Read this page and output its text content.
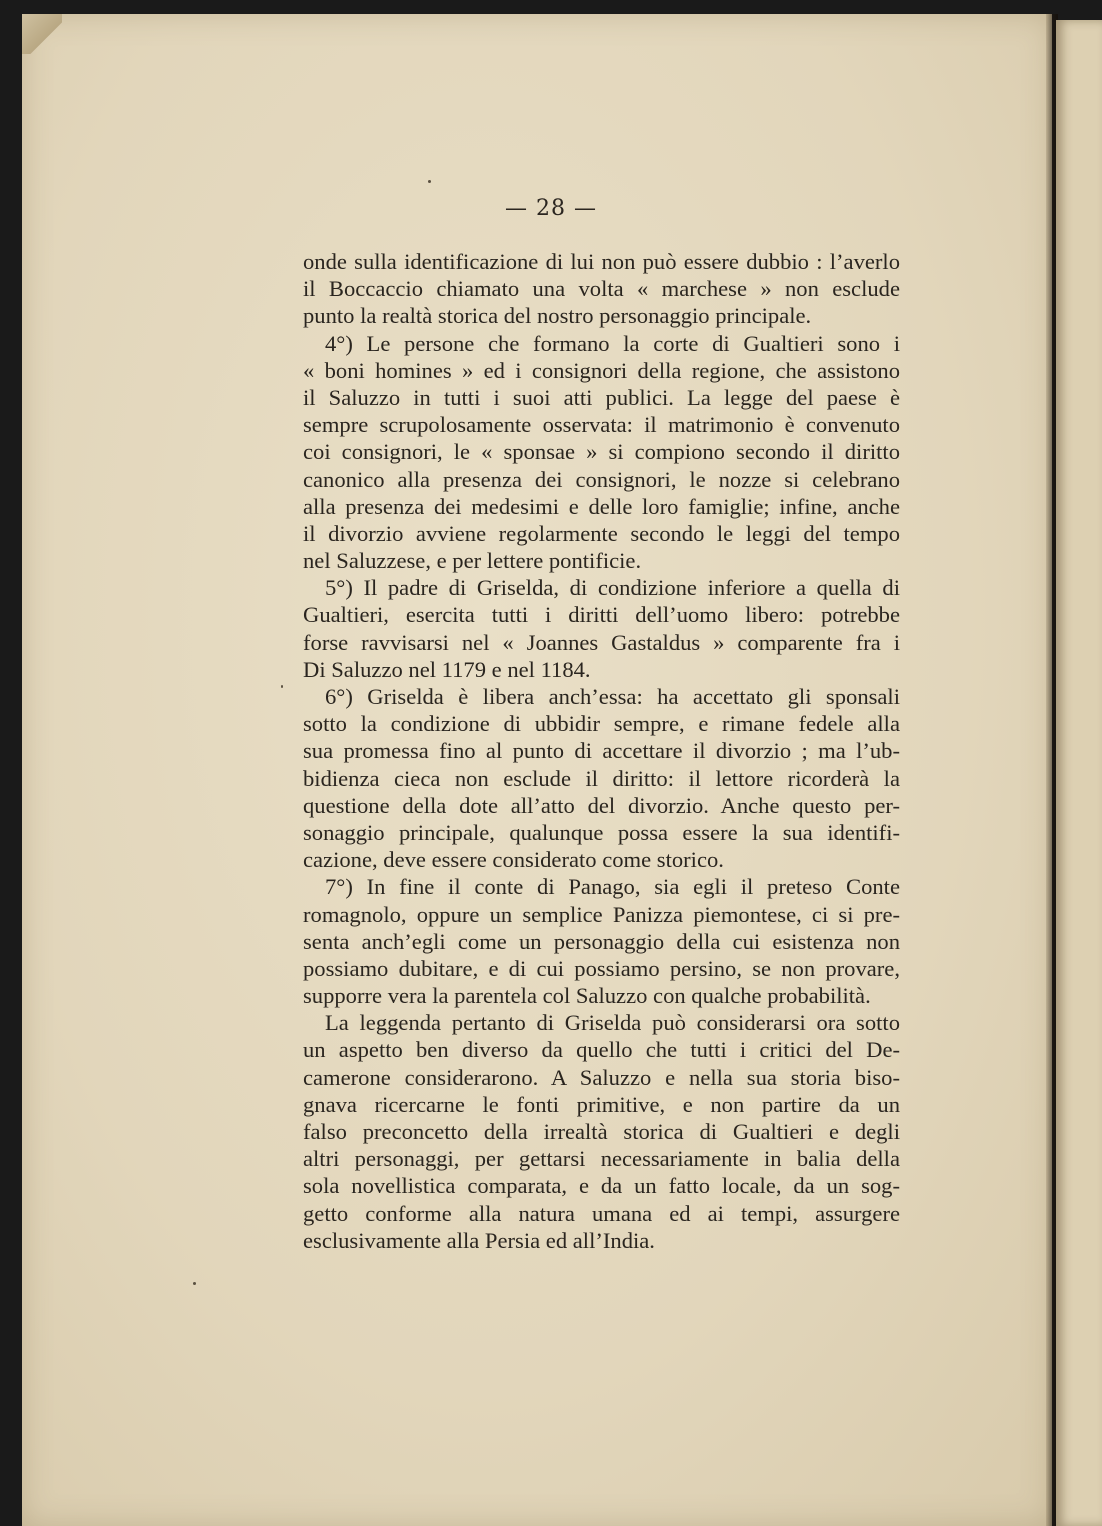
— 28 —
onde sulla identificazione di lui non può essere dubbio : l’averlo
il Boccaccio chiamato una volta « marchese » non esclude
punto la realtà storica del nostro personaggio principale.
4°) Le persone che formano la corte di Gualtieri sono i
« boni homines » ed i consignori della regione, che assistono
il Saluzzo in tutti i suoi atti publici. La legge del paese è
sempre scrupolosamente osservata: il matrimonio è convenuto
coi consignori, le « sponsae » si compiono secondo il diritto
canonico alla presenza dei consignori, le nozze si celebrano
alla presenza dei medesimi e delle loro famiglie; infine, anche
il divorzio avviene regolarmente secondo le leggi del tempo
nel Saluzzese, e per lettere pontificie.
5°) Il padre di Griselda, di condizione inferiore a quella di
Gualtieri, esercita tutti i diritti dell’uomo libero: potrebbe
forse ravvisarsi nel « Joannes Gastaldus » comparente fra i
Di Saluzzo nel 1179 e nel 1184.
6°) Griselda è libera anch’essa: ha accettato gli sponsali
sotto la condizione di ubbidir sempre, e rimane fedele alla
sua promessa fino al punto di accettare il divorzio ; ma l’ub-
bidienza cieca non esclude il diritto: il lettore ricorderà la
questione della dote all’atto del divorzio. Anche questo per-
sonaggio principale, qualunque possa essere la sua identifi-
cazione, deve essere considerato come storico.
7°) In fine il conte di Panago, sia egli il preteso Conte
romagnolo, oppure un semplice Panizza piemontese, ci si pre-
senta anch’egli come un personaggio della cui esistenza non
possiamo dubitare, e di cui possiamo persino, se non provare,
supporre vera la parentela col Saluzzo con qualche probabilità.
La leggenda pertanto di Griselda può considerarsi ora sotto
un aspetto ben diverso da quello che tutti i critici del De-
camerone considerarono. A Saluzzo e nella sua storia biso-
gnava ricercarne le fonti primitive, e non partire da un
falso preconcetto della irrealtà storica di Gualtieri e degli
altri personaggi, per gettarsi necessariamente in balia della
sola novellistica comparata, e da un fatto locale, da un sog-
getto conforme alla natura umana ed ai tempi, assurgere
esclusivamente alla Persia ed all’India.
